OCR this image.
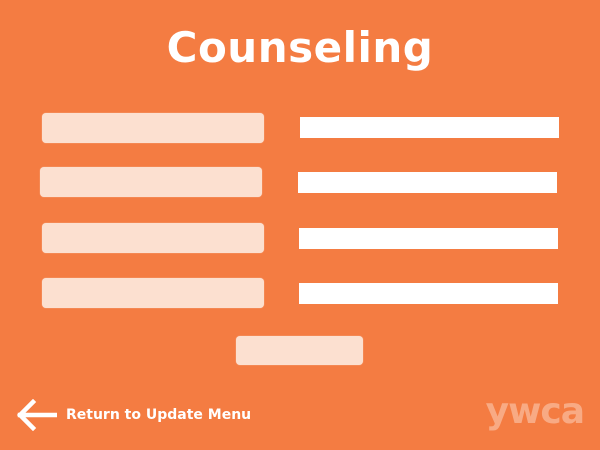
Counseling
Return to Update Menu	ywca
